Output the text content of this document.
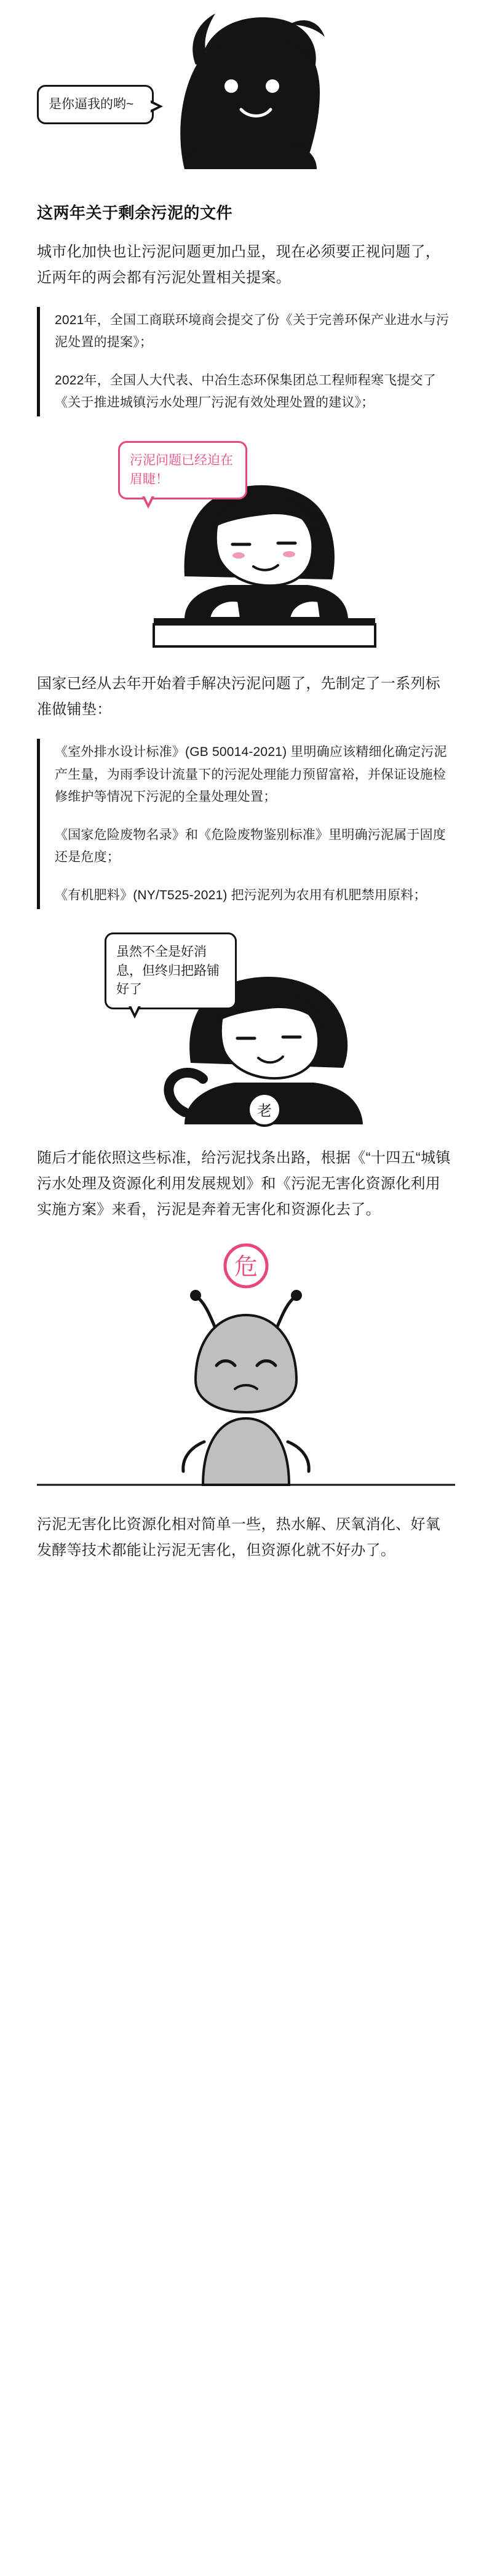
是你逼我的哟~
这两年关于剩余污泥的文件

城市化加快也让污泥问题更加凸显，现在必须要正视问题了，近两年的两会都有污泥处置相关提案。

2021年，全国工商联环境商会提交了份《关于完善环保产业进水与污泥处置的提案》；

2022年，全国人大代表、中冶生态环保集团总工程师程寒飞提交了《关于推进城镇污水处理厂污泥有效处理处置的建议》；

污泥问题已经迫在眉睫！

国家已经从去年开始着手解决污泥问题了，先制定了一系列标准做铺垫：

《室外排水设计标准》(GB 50014-2021) 里明确应该精细化确定污泥产生量，为雨季设计流量下的污泥处理能力预留富裕，并保证设施检修维护等情况下污泥的全量处理处置；

《国家危险废物名录》和《危险废物鉴别标准》里明确污泥属于固度还是危度；

《有机肥料》(NY/T525-2021) 把污泥列为农用有机肥禁用原料；

虽然不全是好消息，但终归把路铺好了
老

随后才能依照这些标准，给污泥找条出路，根据《“十四五“城镇污水处理及资源化利用发展规划》和《污泥无害化资源化利用实施方案》来看，污泥是奔着无害化和资源化去了。

危

污泥无害化比资源化相对简单一些，热水解、厌氧消化、好氧发酵等技术都能让污泥无害化，但资源化就不好办了。
